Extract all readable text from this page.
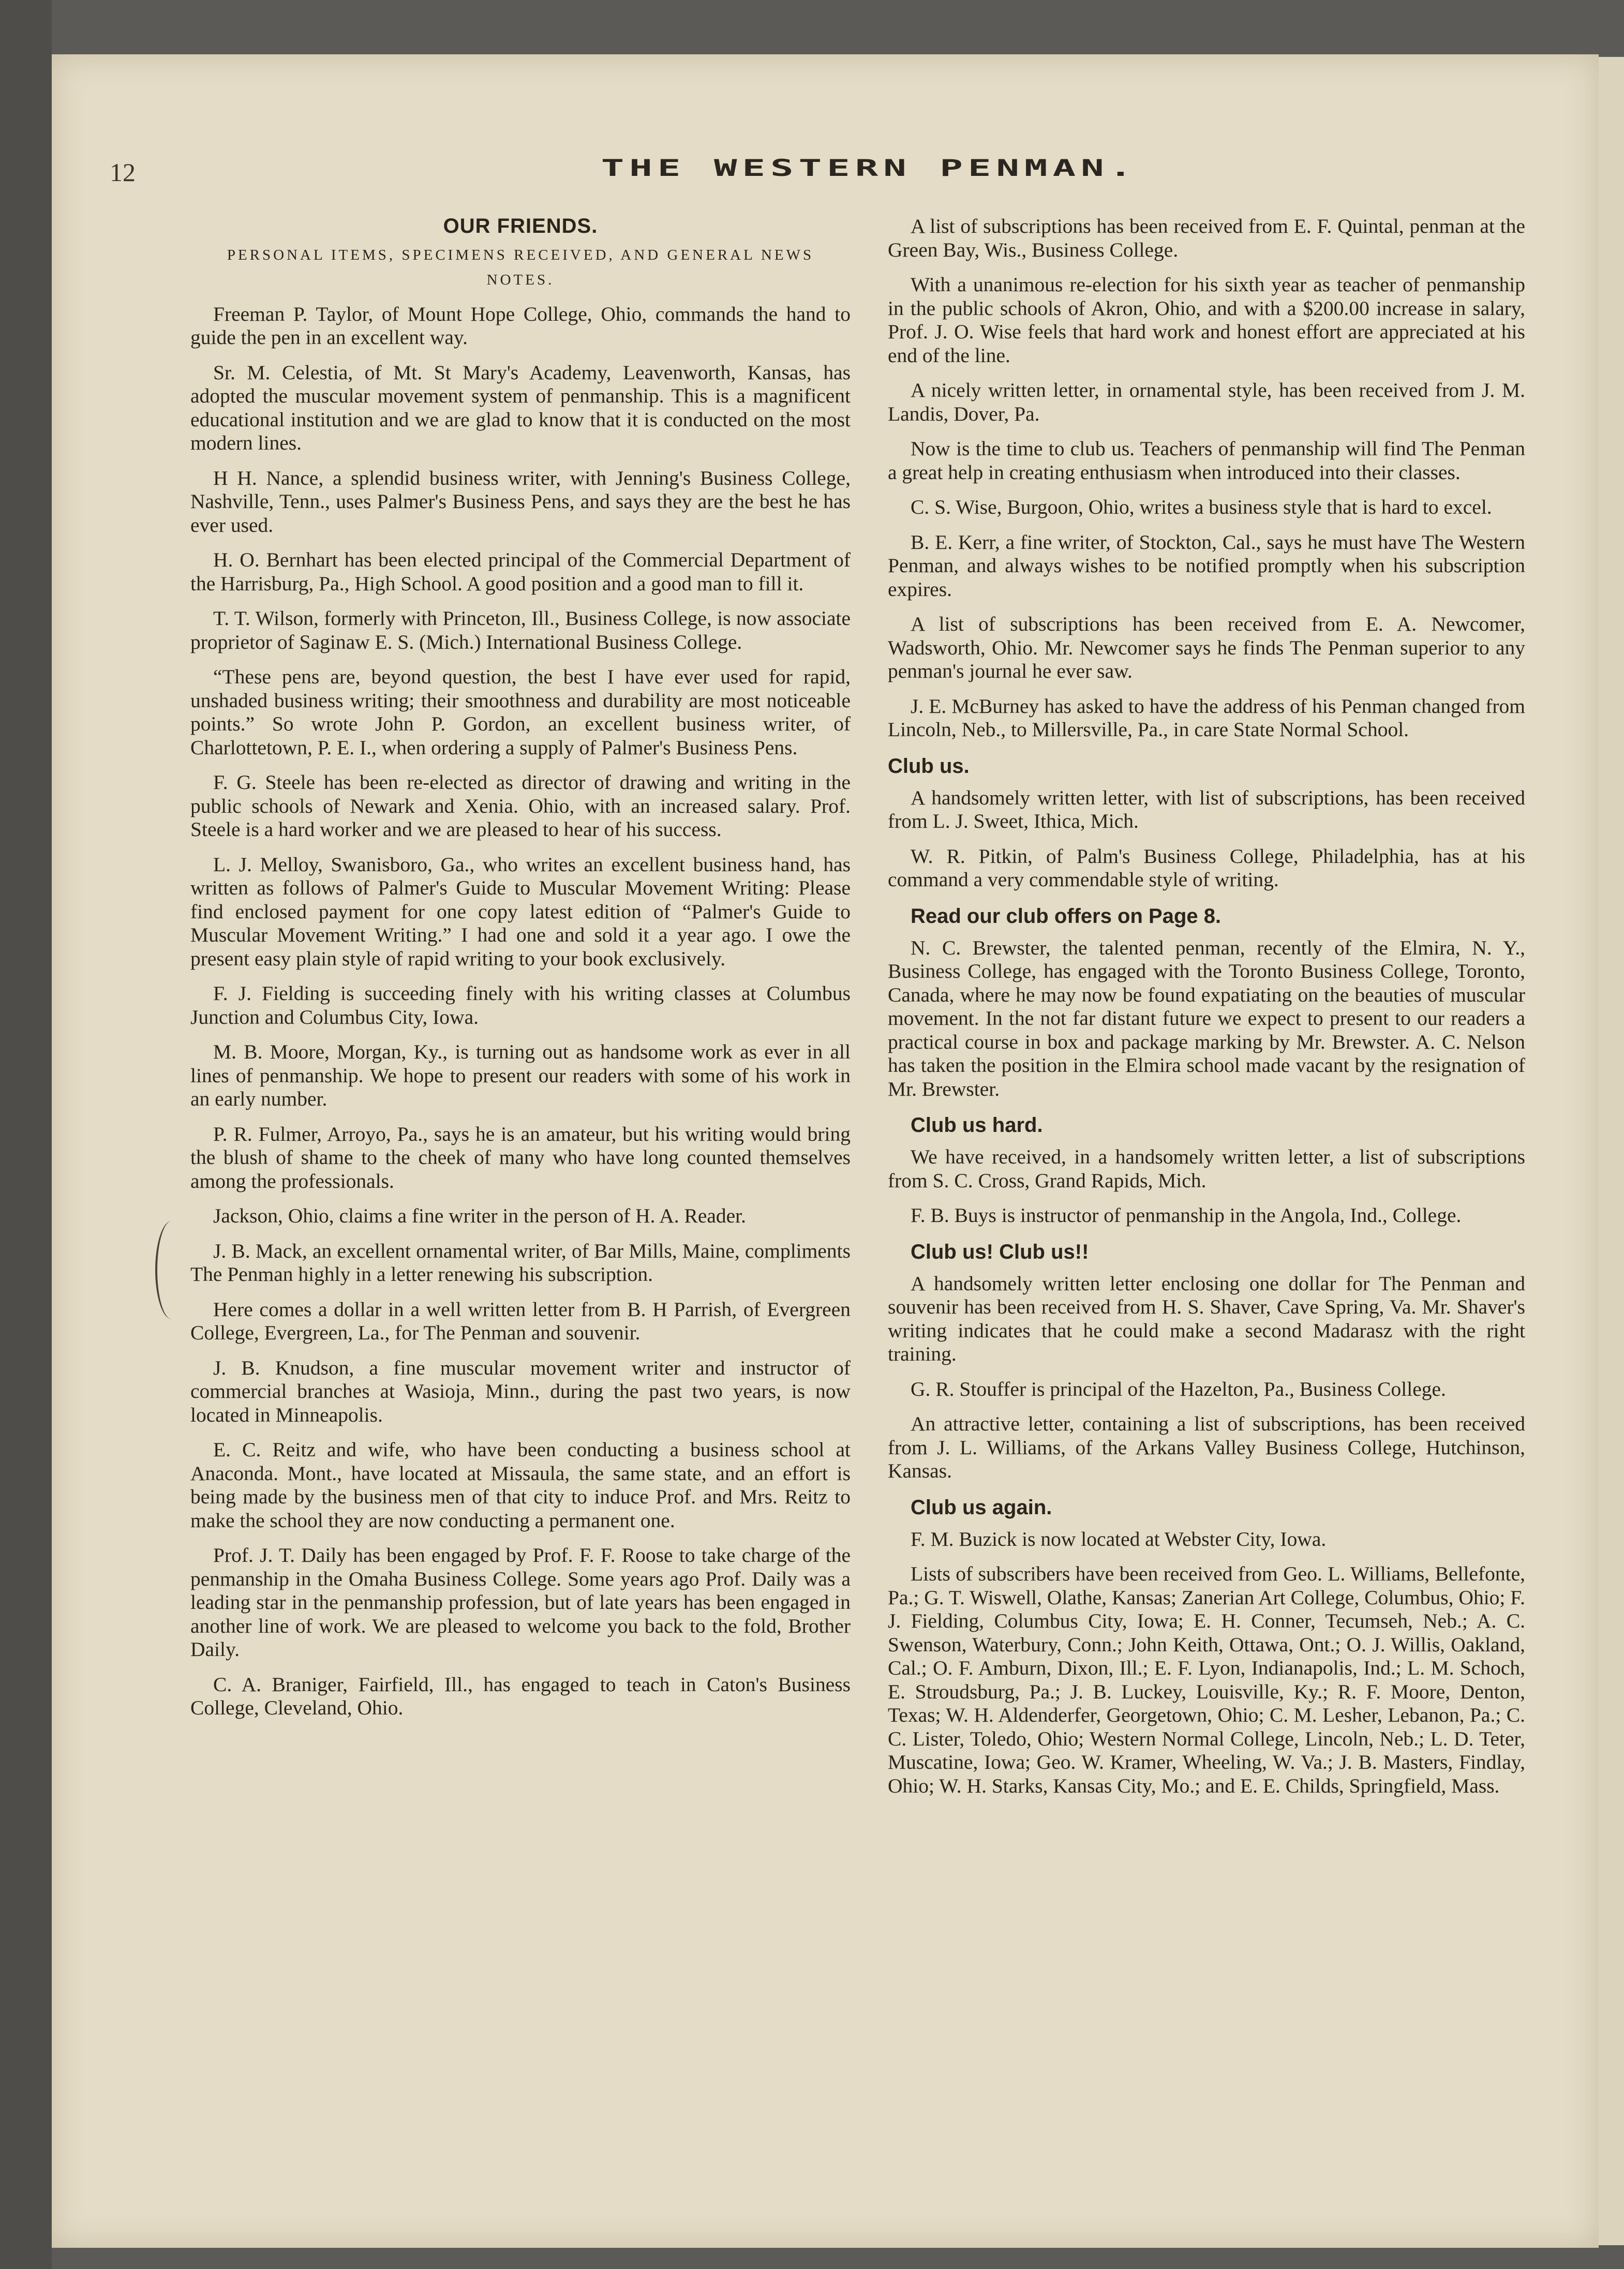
12	THE WESTERN PENMAN.
OUR FRIENDS.
PERSONAL ITEMS, SPECIMENS RECEIVED, AND GENERAL NEWS NOTES.

Freeman P. Taylor, of Mount Hope College, Ohio, commands the hand to guide the pen in an excellent way.

Sr. M. Celestia, of Mt. St Mary's Academy, Leavenworth, Kansas, has adopted the muscular movement system of penmanship. This is a magnificent educational institution and we are glad to know that it is conducted on the most modern lines.

H H. Nance, a splendid business writer, with Jenning's Business College, Nashville, Tenn., uses Palmer's Business Pens, and says they are the best he has ever used.

H. O. Bernhart has been elected principal of the Commercial Department of the Harrisburg, Pa., High School. A good position and a good man to fill it.

T. T. Wilson, formerly with Princeton, Ill., Business College, is now associate proprietor of Saginaw E. S. (Mich.) International Business College.

“These pens are, beyond question, the best I have ever used for rapid, unshaded business writing; their smoothness and durability are most noticeable points.” So wrote John P. Gordon, an excellent business writer, of Charlottetown, P. E. I., when ordering a supply of Palmer's Business Pens.

F. G. Steele has been re-elected as director of drawing and writing in the public schools of Newark and Xenia. Ohio, with an increased salary. Prof. Steele is a hard worker and we are pleased to hear of his success.

L. J. Melloy, Swanisboro, Ga., who writes an excellent business hand, has written as follows of Palmer's Guide to Muscular Movement Writing: Please find enclosed payment for one copy latest edition of “Palmer's Guide to Muscular Movement Writing.” I had one and sold it a year ago. I owe the present easy plain style of rapid writing to your book exclusively.

F. J. Fielding is succeeding finely with his writing classes at Columbus Junction and Columbus City, Iowa.

M. B. Moore, Morgan, Ky., is turning out as handsome work as ever in all lines of penmanship. We hope to present our readers with some of his work in an early number.

P. R. Fulmer, Arroyo, Pa., says he is an amateur, but his writing would bring the blush of shame to the cheek of many who have long counted themselves among the professionals.

Jackson, Ohio, claims a fine writer in the person of H. A. Reader.

J. B. Mack, an excellent ornamental writer, of Bar Mills, Maine, compliments The Penman highly in a letter renewing his subscription.

Here comes a dollar in a well written letter from B. H Parrish, of Evergreen College, Evergreen, La., for The Penman and souvenir.

J. B. Knudson, a fine muscular movement writer and instructor of commercial branches at Wasioja, Minn., during the past two years, is now located in Minneapolis.

E. C. Reitz and wife, who have been conducting a business school at Anaconda. Mont., have located at Missaula, the same state, and an effort is being made by the business men of that city to induce Prof. and Mrs. Reitz to make the school they are now conducting a permanent one.

Prof. J. T. Daily has been engaged by Prof. F. F. Roose to take charge of the penmanship in the Omaha Business College. Some years ago Prof. Daily was a leading star in the penmanship profession, but of late years has been engaged in another line of work. We are pleased to welcome you back to the fold, Brother Daily.

C. A. Braniger, Fairfield, Ill., has engaged to teach in Caton's Business College, Cleveland, Ohio.

A list of subscriptions has been received from E. F. Quintal, penman at the Green Bay, Wis., Business College.

With a unanimous re-election for his sixth year as teacher of penmanship in the public schools of Akron, Ohio, and with a $200.00 increase in salary, Prof. J. O. Wise feels that hard work and honest effort are appreciated at his end of the line.

A nicely written letter, in ornamental style, has been received from J. M. Landis, Dover, Pa.

Now is the time to club us. Teachers of penmanship will find The Penman a great help in creating enthusiasm when introduced into their classes.

C. S. Wise, Burgoon, Ohio, writes a business style that is hard to excel.

B. E. Kerr, a fine writer, of Stockton, Cal., says he must have The Western Penman, and always wishes to be notified promptly when his subscription expires.

A list of subscriptions has been received from E. A. Newcomer, Wadsworth, Ohio. Mr. Newcomer says he finds The Penman superior to any penman's journal he ever saw.

J. E. McBurney has asked to have the address of his Penman changed from Lincoln, Neb., to Millersville, Pa., in care State Normal School.

Club us.

A handsomely written letter, with list of subscriptions, has been received from L. J. Sweet, Ithica, Mich.

W. R. Pitkin, of Palm's Business College, Philadelphia, has at his command a very commendable style of writing.

Read our club offers on Page 8.

N. C. Brewster, the talented penman, recently of the Elmira, N. Y., Business College, has engaged with the Toronto Business College, Toronto, Canada, where he may now be found expatiating on the beauties of muscular movement. In the not far distant future we expect to present to our readers a practical course in box and package marking by Mr. Brewster. A. C. Nelson has taken the position in the Elmira school made vacant by the resignation of Mr. Brewster.

Club us hard.

We have received, in a handsomely written letter, a list of subscriptions from S. C. Cross, Grand Rapids, Mich.

F. B. Buys is instructor of penmanship in the Angola, Ind., College.

Club us! Club us!!

A handsomely written letter enclosing one dollar for The Penman and souvenir has been received from H. S. Shaver, Cave Spring, Va. Mr. Shaver's writing indicates that he could make a second Madarasz with the right training.

G. R. Stouffer is principal of the Hazelton, Pa., Business College.

An attractive letter, containing a list of subscriptions, has been received from J. L. Williams, of the Arkans Valley Business College, Hutchinson, Kansas.

Club us again.

F. M. Buzick is now located at Webster City, Iowa.

Lists of subscribers have been received from Geo. L. Williams, Bellefonte, Pa.; G. T. Wiswell, Olathe, Kansas; Zanerian Art College, Columbus, Ohio; F. J. Fielding, Columbus City, Iowa; E. H. Conner, Tecumseh, Neb.; A. C. Swenson, Waterbury, Conn.; John Keith, Ottawa, Ont.; O. J. Willis, Oakland, Cal.; O. F. Amburn, Dixon, Ill.; E. F. Lyon, Indianapolis, Ind.; L. M. Schoch, E. Stroudsburg, Pa.; J. B. Luckey, Louisville, Ky.; R. F. Moore, Denton, Texas; W. H. Aldenderfer, Georgetown, Ohio; C. M. Lesher, Lebanon, Pa.; C. C. Lister, Toledo, Ohio; Western Normal College, Lincoln, Neb.; L. D. Teter, Muscatine, Iowa; Geo. W. Kramer, Wheeling, W. Va.; J. B. Masters, Findlay, Ohio; W. H. Starks, Kansas City, Mo.; and E. E. Childs, Springfield, Mass.
